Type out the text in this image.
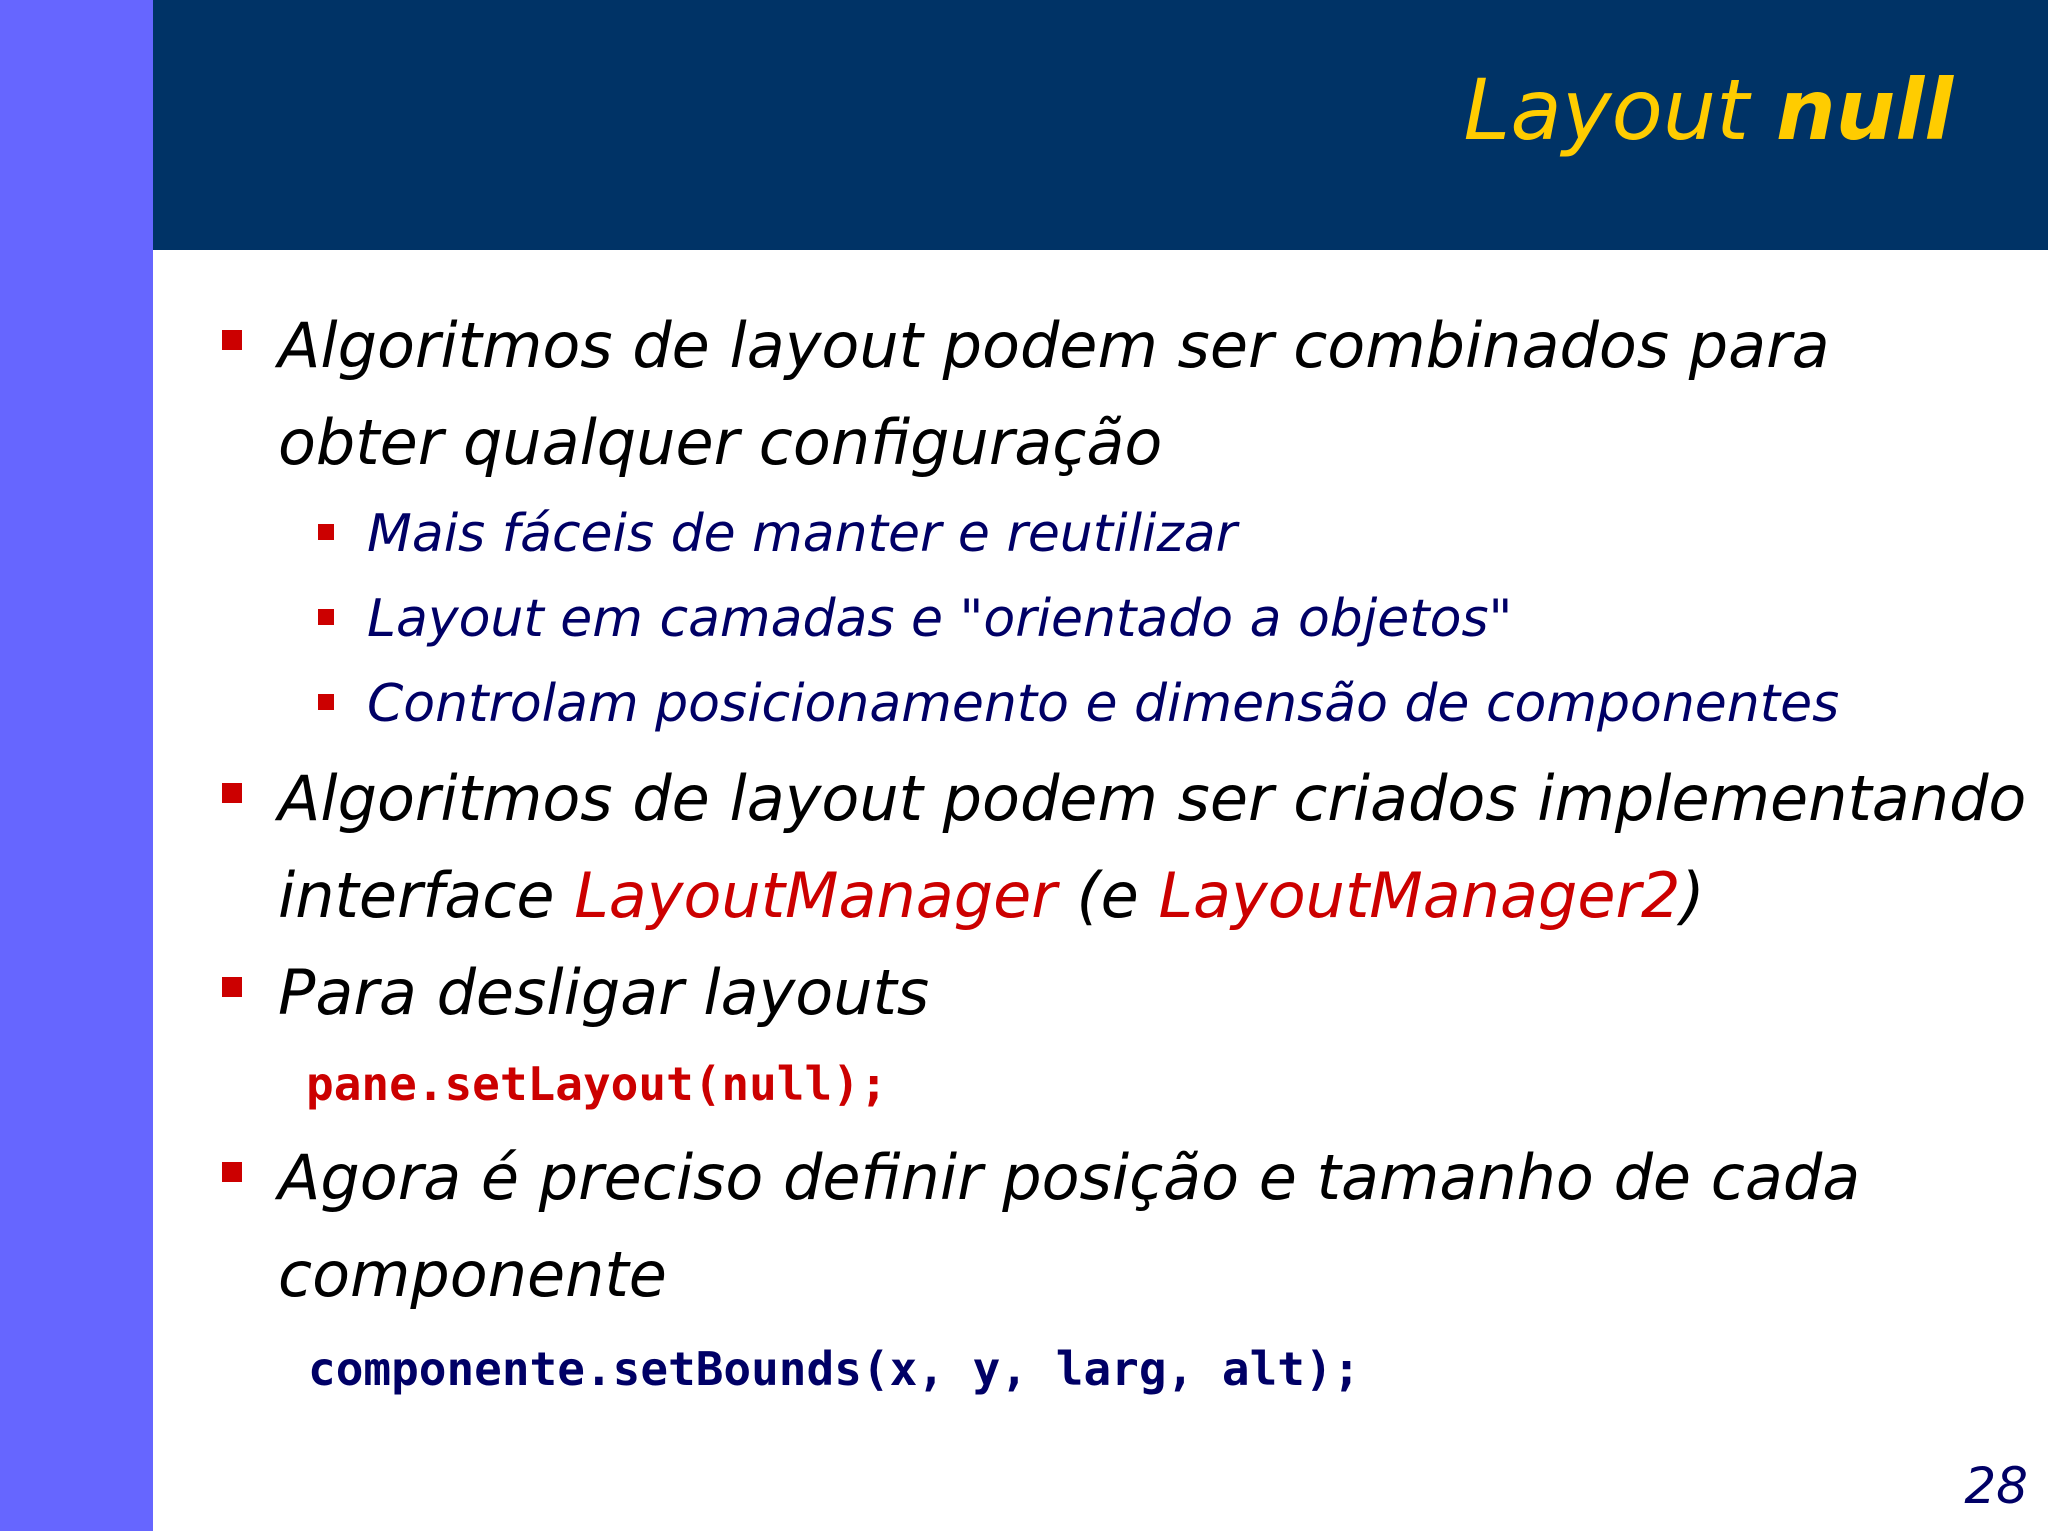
Layout null

Algoritmos de layout podem ser combinados para

obter qualquer configuração

Mais fáceis de manter e reutilizar

Layout em camadas e "orientado a objetos"

Controlam posicionamento e dimensão de componentes

Algoritmos de layout podem ser criados implementando

interface LayoutManager (e LayoutManager2)

Para desligar layouts

pane.setLayout(null);

Agora é preciso definir posição e tamanho de cada

componente

componente.setBounds(x, y, larg, alt);

28
